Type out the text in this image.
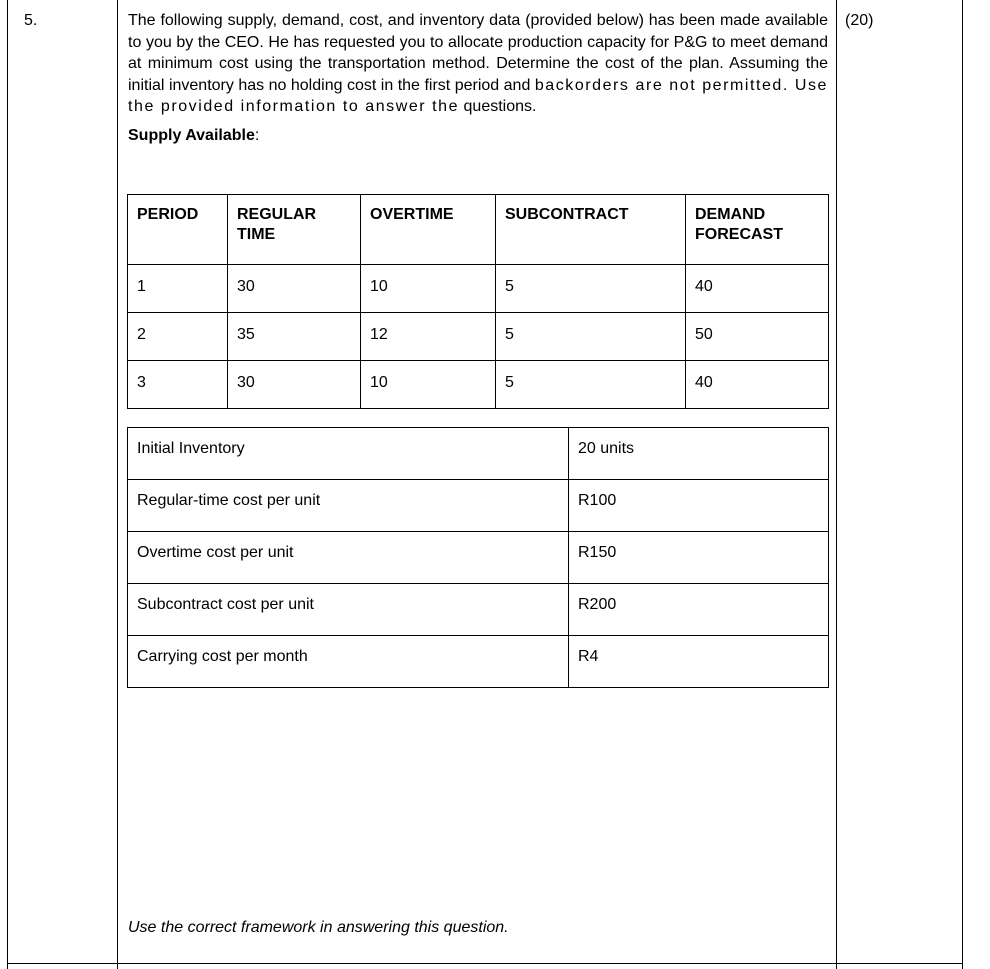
5.	(20)

The following supply, demand, cost, and inventory data (provided below) has been made available to you by the CEO. He has requested you to allocate production capacity for P&G to meet demand at minimum cost using the transportation method. Determine the cost of the plan. Assuming the initial inventory has no holding cost in the first period and backorders are not permitted. Use the provided information to answer the questions.

Supply Available:

PERIOD	REGULAR TIME	OVERTIME	SUBCONTRACT	DEMAND FORECAST
1	30	10	5	40
2	35	12	5	50
3	30	10	5	40
Initial Inventory	20 units
Regular-time cost per unit	R100
Overtime cost per unit	R150
Subcontract cost per unit	R200
Carrying cost per month	R4
Use the correct framework in answering this question.
